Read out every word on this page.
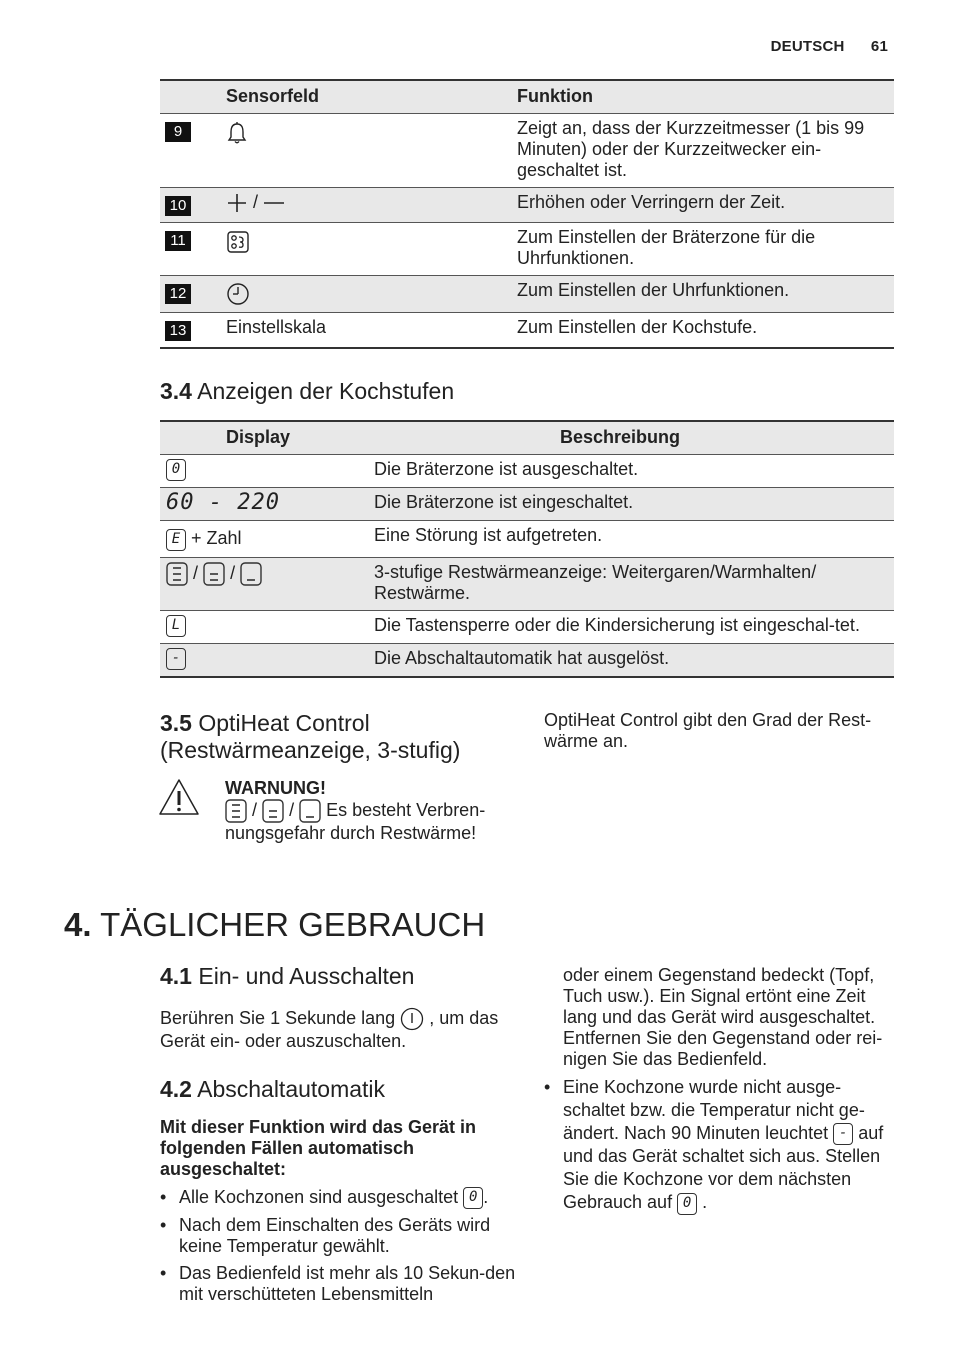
DEUTSCH 61
	Sensorfeld	Funktion
9		Zeigt an, dass der Kurzzeitmesser (1 bis 99 Minuten) oder der Kurzzeitwecker ein-geschaltet ist.
10	/	Erhöhen oder Verringern der Zeit.
11		Zum Einstellen der Bräterzone für die Uhrfunktionen.
12		Zum Einstellen der Uhrfunktionen.
13	Einstellskala	Zum Einstellen der Kochstufe.
3.4 Anzeigen der Kochstufen
Display	Beschreibung
0	Die Bräterzone ist ausgeschaltet.
60 - 220	Die Bräterzone ist eingeschaltet.
E + Zahl	Eine Störung ist aufgetreten.
/ /	3-stufige Restwärmeanzeige: Weitergaren/Warmhalten/ Restwärme.
L	Die Tastensperre oder die Kindersicherung ist eingeschal-tet.
-	Die Abschaltautomatik hat ausgelöst.
3.5 OptiHeat Control
(Restwärmeanzeige, 3-stufig)

OptiHeat Control gibt den Grad der Rest-wärme an.

WARNUNG!

/ / Es besteht Verbren-
nungsgefahr durch Restwärme!

4. TÄGLICHER GEBRAUCH
4.1 Ein- und Ausschalten

Berühren Sie 1 Sekunde lang , um das
Gerät ein- oder auszuschalten.

4.2 Abschaltautomatik

Mit dieser Funktion wird das Gerät in folgenden Fällen automatisch ausgeschaltet:

• Alle Kochzonen sind ausgeschaltet 0 .
• Nach dem Einschalten des Geräts wird keine Temperatur gewählt.
• Das Bedienfeld ist mehr als 10 Sekun-den mit verschütteten Lebensmitteln

oder einem Gegenstand bedeckt (Topf, Tuch usw.). Ein Signal ertönt eine Zeit lang und das Gerät wird ausgeschaltet. Entfernen Sie den Gegenstand oder rei-nigen Sie das Bedienfeld.

• Eine Kochzone wurde nicht ausge-schaltet bzw. die Temperatur nicht ge-ändert. Nach 90 Minuten leuchtet - auf und das Gerät schaltet sich aus. Stellen Sie die Kochzone vor dem nächsten Gebrauch auf 0 .
